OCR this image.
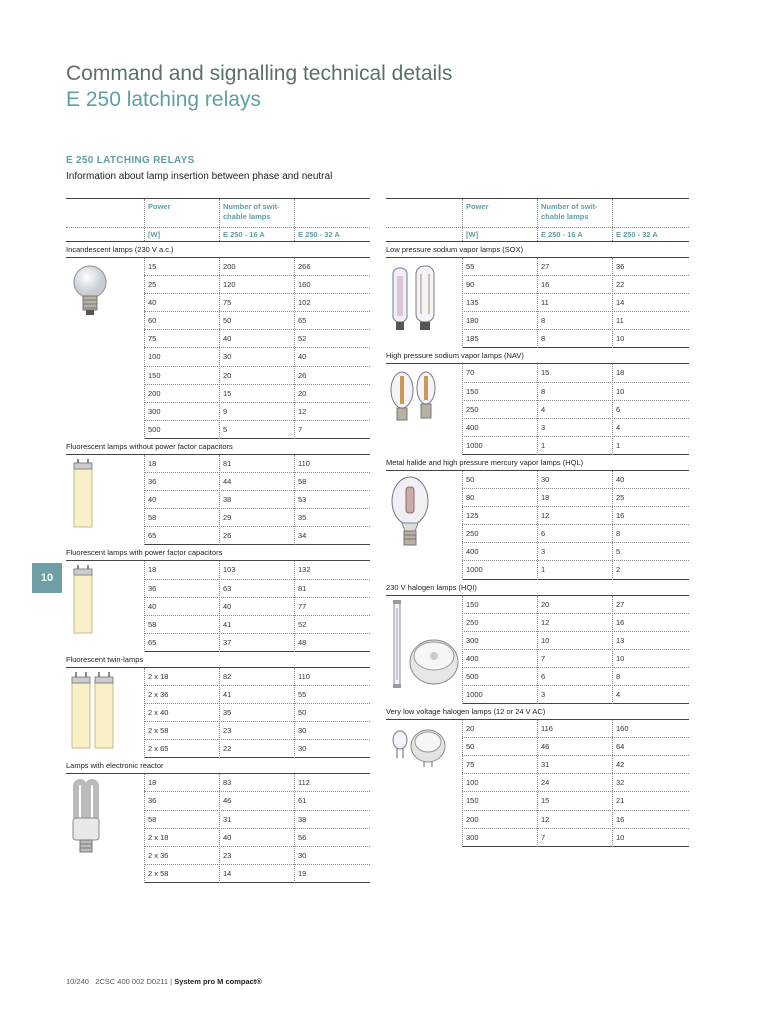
Command and signalling technical details
E 250 latching relays
E 250 LATCHING RELAYS
Information about lamp insertion between phase and neutral
10
Power	Number of swit-
chable lamps
[W]	E 250 - 16 A	E 250 - 32 A
Incandescent lamps (230 V a.c.)
15	200	266
25	120	160
40	75	102
60	50	65
75	40	52
100	30	40
150	20	26
200	15	20
300	9	12
500	5	7
Fluorescent lamps without power factor capacitors
18	81	110
36	44	58
40	38	53
58	29	35
65	26	34
Fluorescent lamps with power factor capacitors
18	103	132
36	63	81
40	40	77
58	41	52
65	37	48
Fluorescent twin-lamps
2 x 18	82	110
2 x 36	41	55
2 x 40	35	50
2 x 58	23	30
2 x 65	22	30
Lamps with electronic reactor
18	83	112
36	46	61
58	31	38
2 x 18	40	56
2 x 36	23	30
2 x 58	14	19
Power	Number of swit-
chable lamps
[W]	E 250 - 16 A	E 250 - 32 A
Low pressure sodium vapor lamps (SOX)
55	27	36
90	16	22
135	11	14
180	8	11
185	8	10
High pressure sodium vapor lamps (NAV)
70	15	18
150	8	10
250	4	6
400	3	4
1000	1	1
Metal halide and high pressure mercury vapor lamps (HQL)
50	30	40
80	18	25
125	12	16
250	6	8
400	3	5
1000	1	2
230 V halogen lamps (HQI)
150	20	27
250	12	16
300	10	13
400	7	10
500	6	8
1000	3	4
Very low voltage halogen lamps (12 or 24 V AC)
20	116	160
50	46	64
75	31	42
100	24	32
150	15	21
200	12	16
300	7	10
10/240 2CSC 400 002 D0211 | System pro M compact®
